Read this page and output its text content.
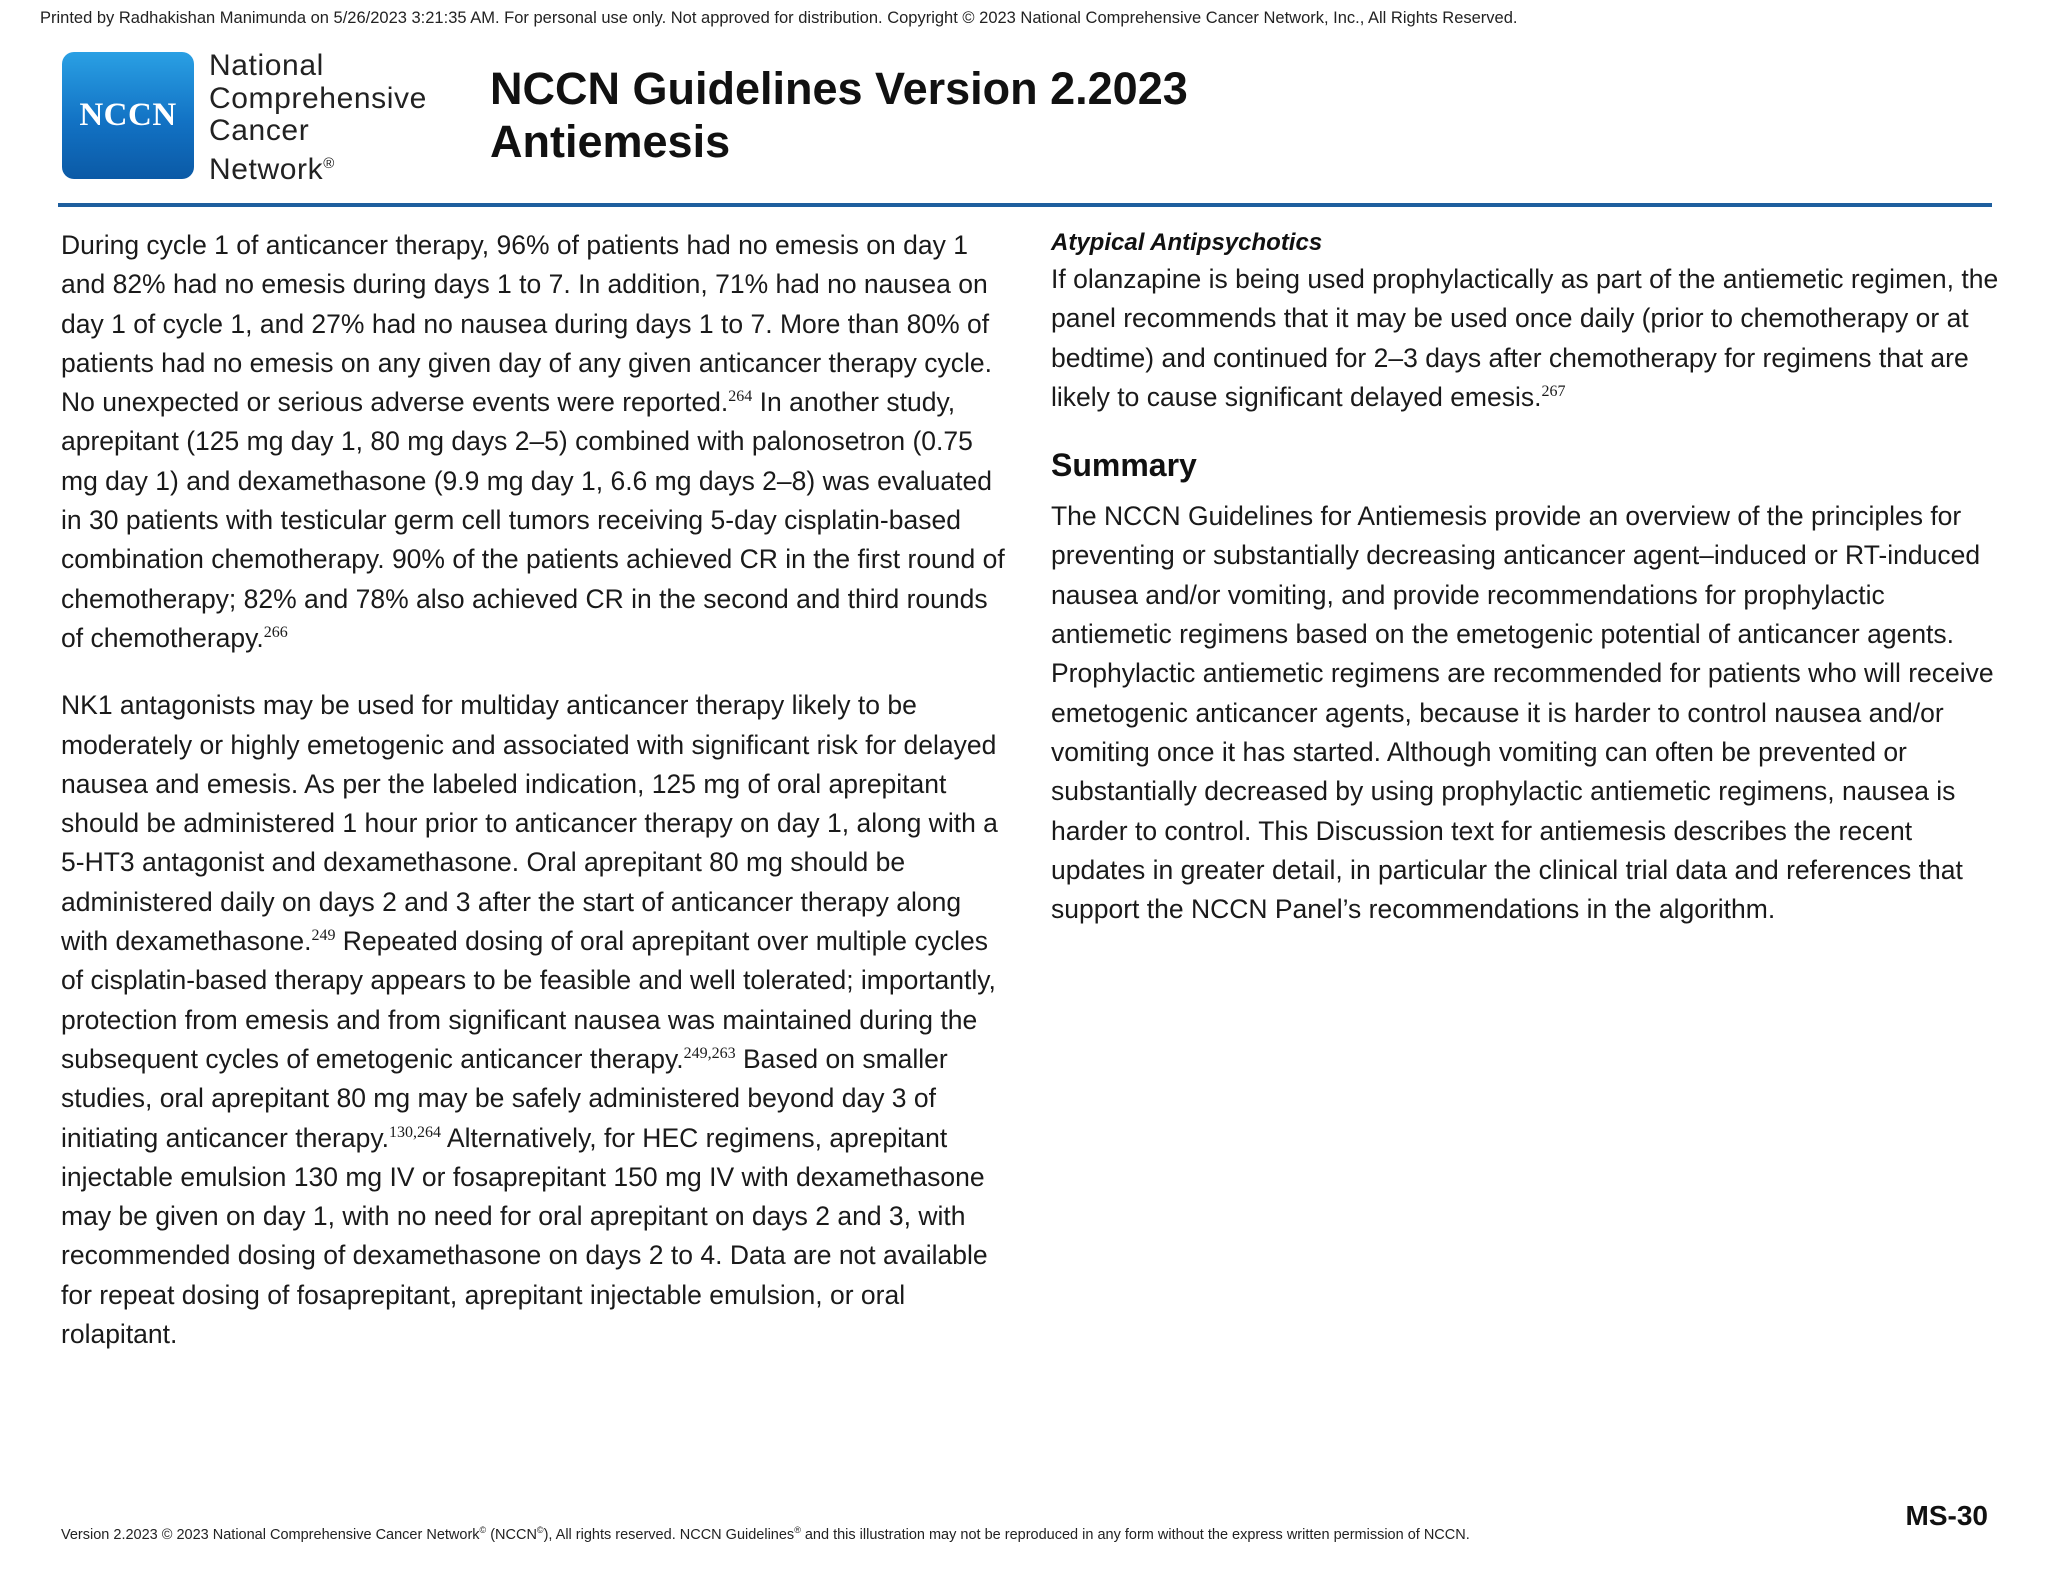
Printed by Radhakishan Manimunda on 5/26/2023 3:21:35 AM. For personal use only. Not approved for distribution. Copyright © 2023 National Comprehensive Cancer Network, Inc., All Rights Reserved.
NCCN
National
Comprehensive
Cancer
Network®
NCCN Guidelines Version 2.2023
Antiemesis

During cycle 1 of anticancer therapy, 96% of patients had no emesis on day 1 and 82% had no emesis during days 1 to 7. In addition, 71% had no nausea on day 1 of cycle 1, and 27% had no nausea during days 1 to 7. More than 80% of patients had no emesis on any given day of any given anticancer therapy cycle. No unexpected or serious adverse events were reported.$^{264}$ In another study, aprepitant (125 mg day 1, 80 mg days 2–5) combined with palonosetron (0.75 mg day 1) and dexamethasone (9.9 mg day 1, 6.6 mg days 2–8) was evaluated in 30 patients with testicular germ cell tumors receiving 5-day cisplatin-based combination chemotherapy. 90% of the patients achieved CR in the first round of chemotherapy; 82% and 78% also achieved CR in the second and third rounds of chemotherapy.$^{266}$

NK1 antagonists may be used for multiday anticancer therapy likely to be moderately or highly emetogenic and associated with significant risk for delayed nausea and emesis. As per the labeled indication, 125 mg of oral aprepitant should be administered 1 hour prior to anticancer therapy on day 1, along with a 5-HT3 antagonist and dexamethasone. Oral aprepitant 80 mg should be administered daily on days 2 and 3 after the start of anticancer therapy along with dexamethasone.$^{249}$ Repeated dosing of oral aprepitant over multiple cycles of cisplatin-based therapy appears to be feasible and well tolerated; importantly, protection from emesis and from significant nausea was maintained during the subsequent cycles of emetogenic anticancer therapy.$^{249,263}$ Based on smaller studies, oral aprepitant 80 mg may be safely administered beyond day 3 of initiating anticancer therapy.$^{130,264}$ Alternatively, for HEC regimens, aprepitant injectable emulsion 130 mg IV or fosaprepitant 150 mg IV with dexamethasone may be given on day 1, with no need for oral aprepitant on days 2 and 3, with recommended dosing of dexamethasone on days 2 to 4. Data are not available for repeat dosing of fosaprepitant, aprepitant injectable emulsion, or oral rolapitant.

Atypical Antipsychotics

If olanzapine is being used prophylactically as part of the antiemetic regimen, the panel recommends that it may be used once daily (prior to chemotherapy or at bedtime) and continued for 2–3 days after chemotherapy for regimens that are likely to cause significant delayed emesis.$^{267}$

Summary

The NCCN Guidelines for Antiemesis provide an overview of the principles for preventing or substantially decreasing anticancer agent–induced or RT-induced nausea and/or vomiting, and provide recommendations for prophylactic antiemetic regimens based on the emetogenic potential of anticancer agents. Prophylactic antiemetic regimens are recommended for patients who will receive emetogenic anticancer agents, because it is harder to control nausea and/or vomiting once it has started. Although vomiting can often be prevented or substantially decreased by using prophylactic antiemetic regimens, nausea is harder to control. This Discussion text for antiemesis describes the recent updates in greater detail, in particular the clinical trial data and references that support the NCCN Panel’s recommendations in the algorithm.

Version 2.2023 © 2023 National Comprehensive Cancer Network© (NCCN©), All rights reserved. NCCN Guidelines® and this illustration may not be reproduced in any form without the express written permission of NCCN.
MS-30
